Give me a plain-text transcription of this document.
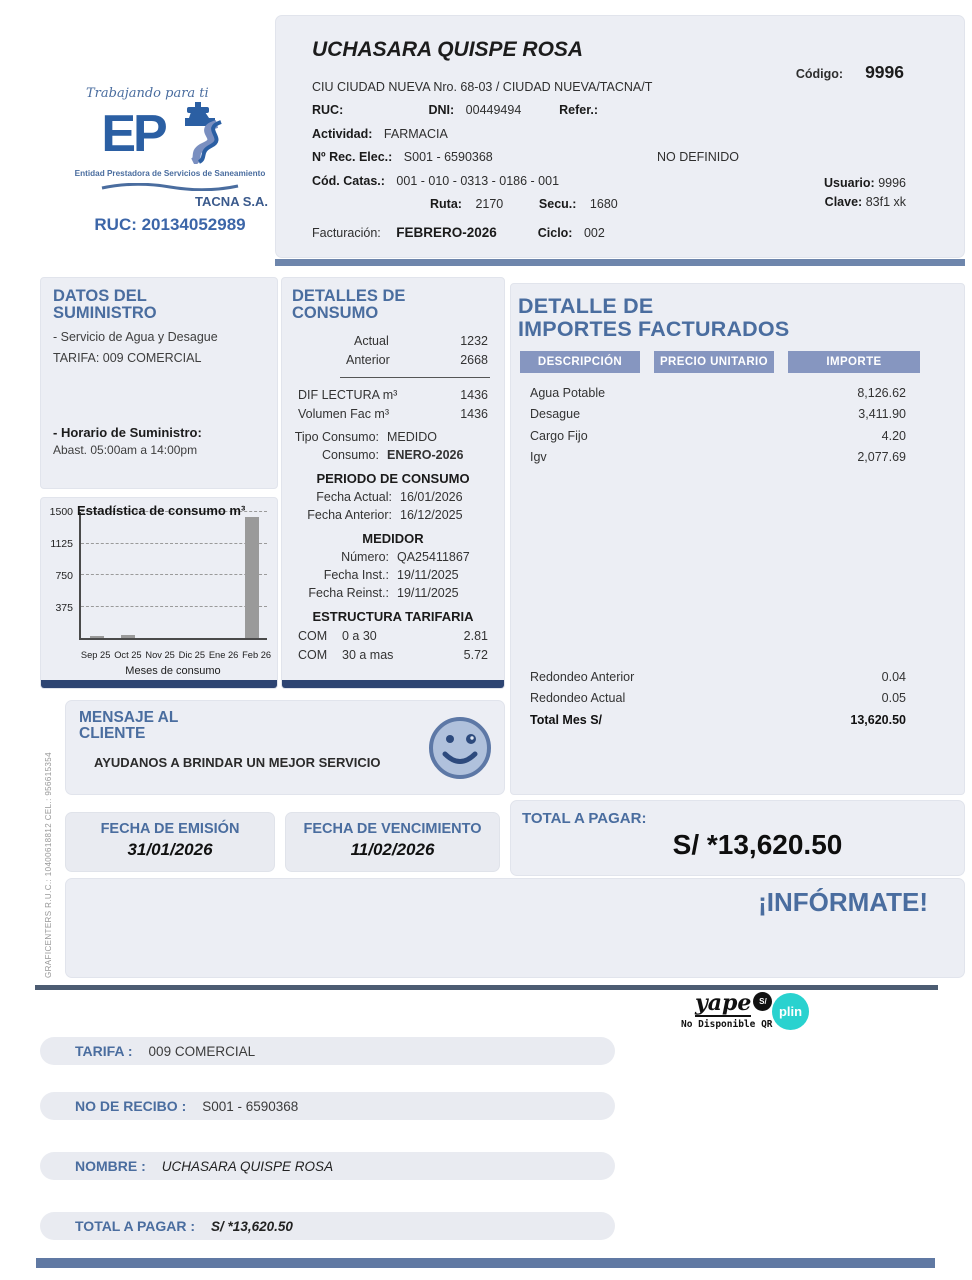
Trabajando para ti
EP
Entidad Prestadora de Servicios de Saneamiento
TACNA S.A.
RUC: 20134052989
UCHASARA QUISPE ROSA
Código: 9996
CIU CIUDAD NUEVA Nro. 68-03 / CIUDAD NUEVA/TACNA/T
RUC:	DNI: 00449494	Refer.:
Actividad: FARMACIA
Nº Rec. Elec.: S001 - 6590368	NO DEFINIDO
Cód. Catas.: 001 - 010 - 0313 - 0186 - 001
Ruta: 2170	Secu.: 1680
Usuario: 9996
Clave: 83f1 xk
Facturación: FEBRERO-2026	Ciclo: 002
DATOS DEL
SUMINISTRO
- Servicio de Agua y Desague
TARIFA: 009 COMERCIAL
- Horario de Suministro:
Abast. 05:00am a 14:00pm
Estadística de consumo m³
375
750
1125
1500
Sep 25 Oct 25 Nov 25 Dic 25 Ene 26 Feb 26
Meses de consumo
DETALLES DE
CONSUMO
Actual	1232
Anterior	2668
DIF LECTURA m³	1436
Volumen Fac m³	1436
Tipo Consumo: MEDIDO
Consumo: ENERO-2026
PERIODO DE CONSUMO
Fecha Actual: 16/01/2026
Fecha Anterior: 16/12/2025
MEDIDOR
Número: QA25411867
Fecha Inst.: 19/11/2025
Fecha Reinst.: 19/11/2025
ESTRUCTURA TARIFARIA
COM	0 a 30	2.81
COM	30 a mas	5.72
DETALLE DE
IMPORTES FACTURADOS
DESCRIPCIÓN	PRECIO UNITARIO	IMPORTE
Agua Potable	8,126.62
Desague	3,411.90
Cargo Fijo	4.20
Igv	2,077.69
Redondeo Anterior	0.04
Redondeo Actual	0.05
Total Mes S/	13,620.50
MENSAJE AL
CLIENTE
AYUDANOS A BRINDAR UN MEJOR SERVICIO
FECHA DE EMISIÓN
31/01/2026
FECHA DE VENCIMIENTO
11/02/2026
TOTAL A PAGAR:
S/ *13,620.50
¡INFÓRMATE!
GRAFICENTERS R.U.C.: 10400618812 CEL.: 956615354
yape S/
No Disponible QR
plin
TARIFA : 009 COMERCIAL
NO DE RECIBO : S001 - 6590368
NOMBRE : UCHASARA QUISPE ROSA
TOTAL A PAGAR : S/ *13,620.50
